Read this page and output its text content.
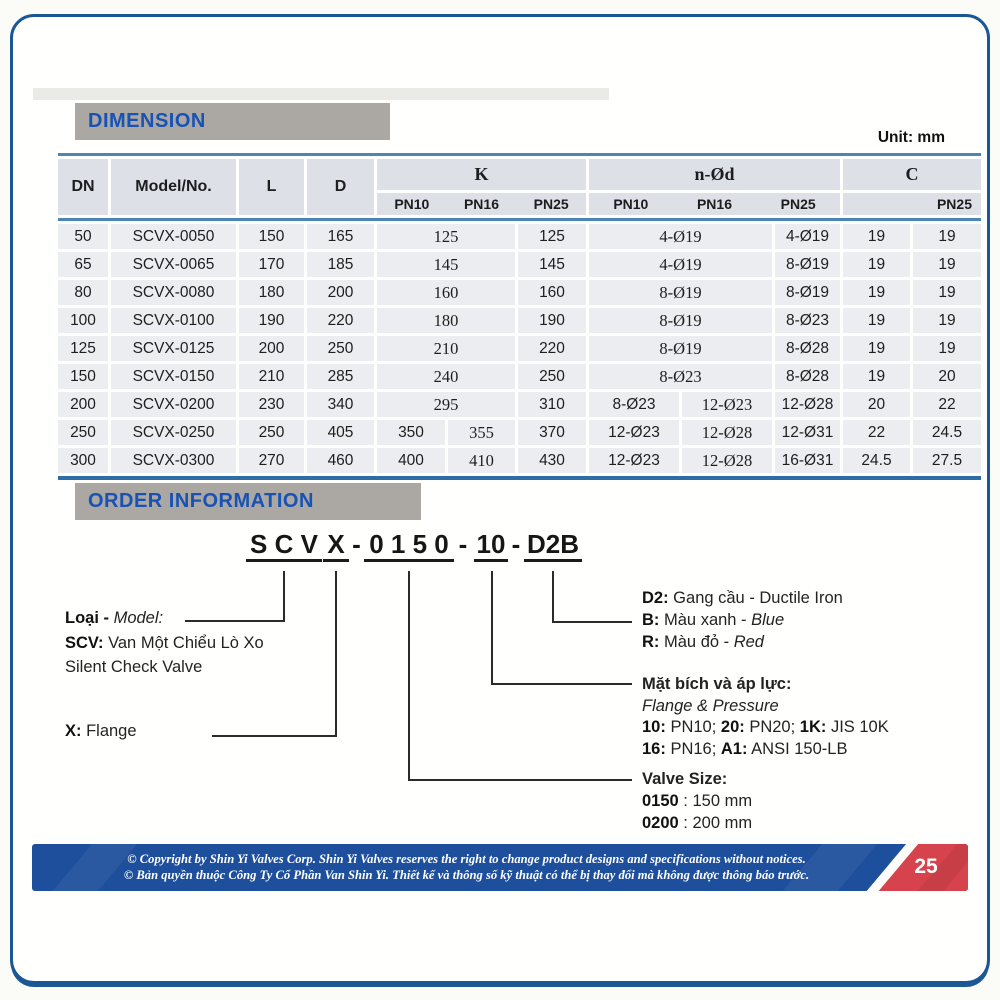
DIMENSION
Unit: mm

DN	Model/No.	L	D	K			n-Ød			C	

				PN10 PN16 PN25			PN10 PN16 PN25			PN25	

50	SCVX-0050	150	165	125		125	4-Ø19		4-Ø19	19	19
65	SCVX-0065	170	185	145		145	4-Ø19		8-Ø19	19	19
80	SCVX-0080	180	200	160		160	8-Ø19		8-Ø19	19	19
100	SCVX-0100	190	220	180		190	8-Ø19		8-Ø23	19	19
125	SCVX-0125	200	250	210		220	8-Ø19		8-Ø28	19	19
150	SCVX-0150	210	285	240		250	8-Ø23		8-Ø28	19	20
200	SCVX-0200	230	340	295		310	8-Ø23	12-Ø23	12-Ø28	20	22
250	SCVX-0250	250	405	350	355	370	12-Ø23	12-Ø28	12-Ø31	22	24.5
300	SCVX-0300	270	460	400	410	430	12-Ø23	12-Ø28	16-Ø31	24.5	27.5

ORDER INFORMATION
S C V X - 0 1 5 0 - 10 - D2B
Loại - Model:
SCV: Van Một Chiểu Lò Xo
Silent Check Valve
X: Flange
D2: Gang cầu - Ductile Iron
B: Màu xanh - Blue
R: Màu đỏ - Red
Mặt bích và áp lực:
Flange & Pressure
10: PN10; 20: PN20; 1K: JIS 10K
16: PN16; A1: ANSI 150-LB
Valve Size:
0150 : 150 mm
0200 : 200 mm
© Copyright by Shin Yi Valves Corp. Shin Yi Valves reserves the right to change product designs and specifications without notices.
© Bản quyền thuộc Công Ty Cổ Phần Van Shin Yi. Thiết kế và thông số kỹ thuật có thể bị thay đổi mà không được thông báo trước.	25
